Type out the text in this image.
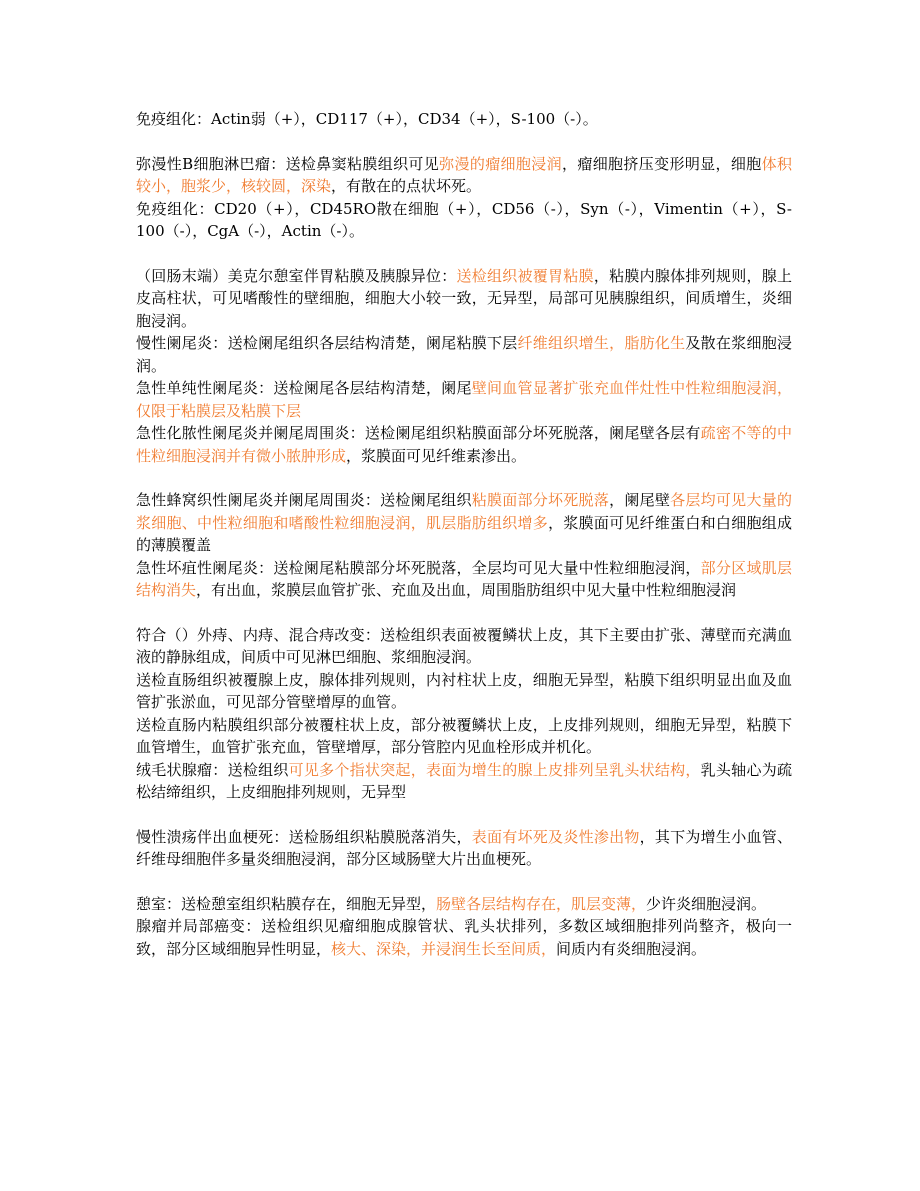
免疫组化：Actin弱（+），CD117（+），CD34（+），S-100（-）。

弥漫性B细胞淋巴瘤：送检鼻窦粘膜组织可见弥漫的瘤细胞浸润，瘤细胞挤压变形明显，细胞体积较小，胞浆少，核较圆，深染，有散在的点状坏死。

免疫组化：CD20（+），CD45RO散在细胞（+），CD56（-），Syn（-），Vimentin（+），S-100（-），CgA（-），Actin（-）。

（回肠末端）美克尔憩室伴胃粘膜及胰腺异位：送检组织被覆胃粘膜，粘膜内腺体排列规则，腺上皮高柱状，可见嗜酸性的壁细胞，细胞大小较一致，无异型，局部可见胰腺组织，间质增生，炎细胞浸润。

慢性阑尾炎：送检阑尾组织各层结构清楚，阑尾粘膜下层纤维组织增生，脂肪化生及散在浆细胞浸润。

急性单纯性阑尾炎：送检阑尾各层结构清楚，阑尾壁间血管显著扩张充血伴灶性中性粒细胞浸润，仅限于粘膜层及粘膜下层

急性化脓性阑尾炎并阑尾周围炎：送检阑尾组织粘膜面部分坏死脱落，阑尾壁各层有疏密不等的中性粒细胞浸润并有微小脓肿形成，浆膜面可见纤维素渗出。

急性蜂窝织性阑尾炎并阑尾周围炎：送检阑尾组织粘膜面部分坏死脱落，阑尾壁各层均可见大量的浆细胞、中性粒细胞和嗜酸性粒细胞浸润，肌层脂肪组织增多，浆膜面可见纤维蛋白和白细胞组成的薄膜覆盖

急性坏疽性阑尾炎：送检阑尾粘膜部分坏死脱落，全层均可见大量中性粒细胞浸润，部分区域肌层结构消失，有出血，浆膜层血管扩张、充血及出血，周围脂肪组织中见大量中性粒细胞浸润

符合（）外痔、内痔、混合痔改变：送检组织表面被覆鳞状上皮，其下主要由扩张、薄壁而充满血液的静脉组成，间质中可见淋巴细胞、浆细胞浸润。

送检直肠组织被覆腺上皮，腺体排列规则，内衬柱状上皮，细胞无异型，粘膜下组织明显出血及血管扩张淤血，可见部分管壁增厚的血管。

送检直肠内粘膜组织部分被覆柱状上皮，部分被覆鳞状上皮，上皮排列规则，细胞无异型，粘膜下血管增生，血管扩张充血，管壁增厚，部分管腔内见血栓形成并机化。

绒毛状腺瘤：送检组织可见多个指状突起，表面为增生的腺上皮排列呈乳头状结构，乳头轴心为疏松结缔组织，上皮细胞排列规则，无异型

慢性溃疡伴出血梗死：送检肠组织粘膜脱落消失，表面有坏死及炎性渗出物，其下为增生小血管、纤维母细胞伴多量炎细胞浸润，部分区域肠壁大片出血梗死。

憩室：送检憩室组织粘膜存在，细胞无异型，肠壁各层结构存在，肌层变薄，少许炎细胞浸润。

腺瘤并局部癌变：送检组织见瘤细胞成腺管状、乳头状排列，多数区域细胞排列尚整齐，极向一致，部分区域细胞异性明显，核大、深染，并浸润生长至间质，间质内有炎细胞浸润。
